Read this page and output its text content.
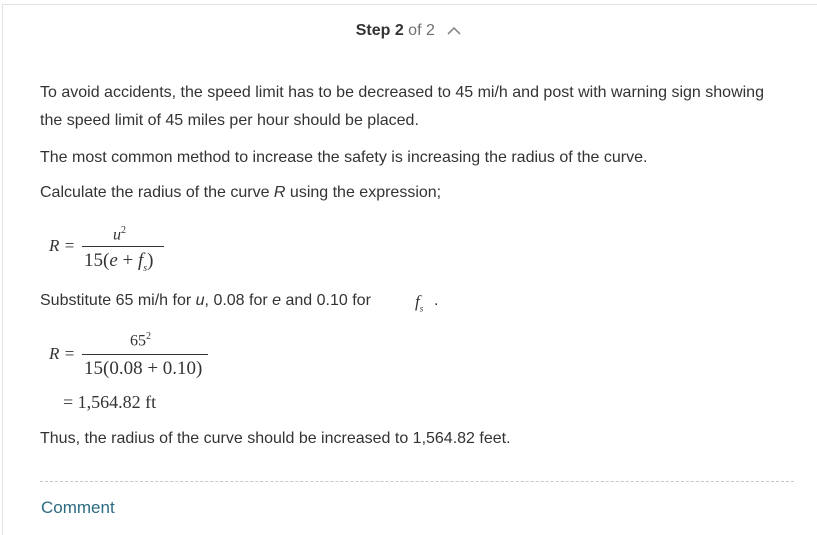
Step 2 of 2
To avoid accidents, the speed limit has to be decreased to 45 mi/h and post with warning sign showing the speed limit of 45 miles per hour should be placed.
The most common method to increase the safety is increasing the radius of the curve.
Calculate the radius of the curve R using the expression;
R =
$u^2$
$15(e + f_s)$
Substitute 65 mi/h for u, 0.08 for e and 0.10 for	$f_s$ .
R =
$65^2$
15(0.08 + 0.10)
= 1,564.82 ft
Thus, the radius of the curve should be increased to 1,564.82 feet.
Comment
